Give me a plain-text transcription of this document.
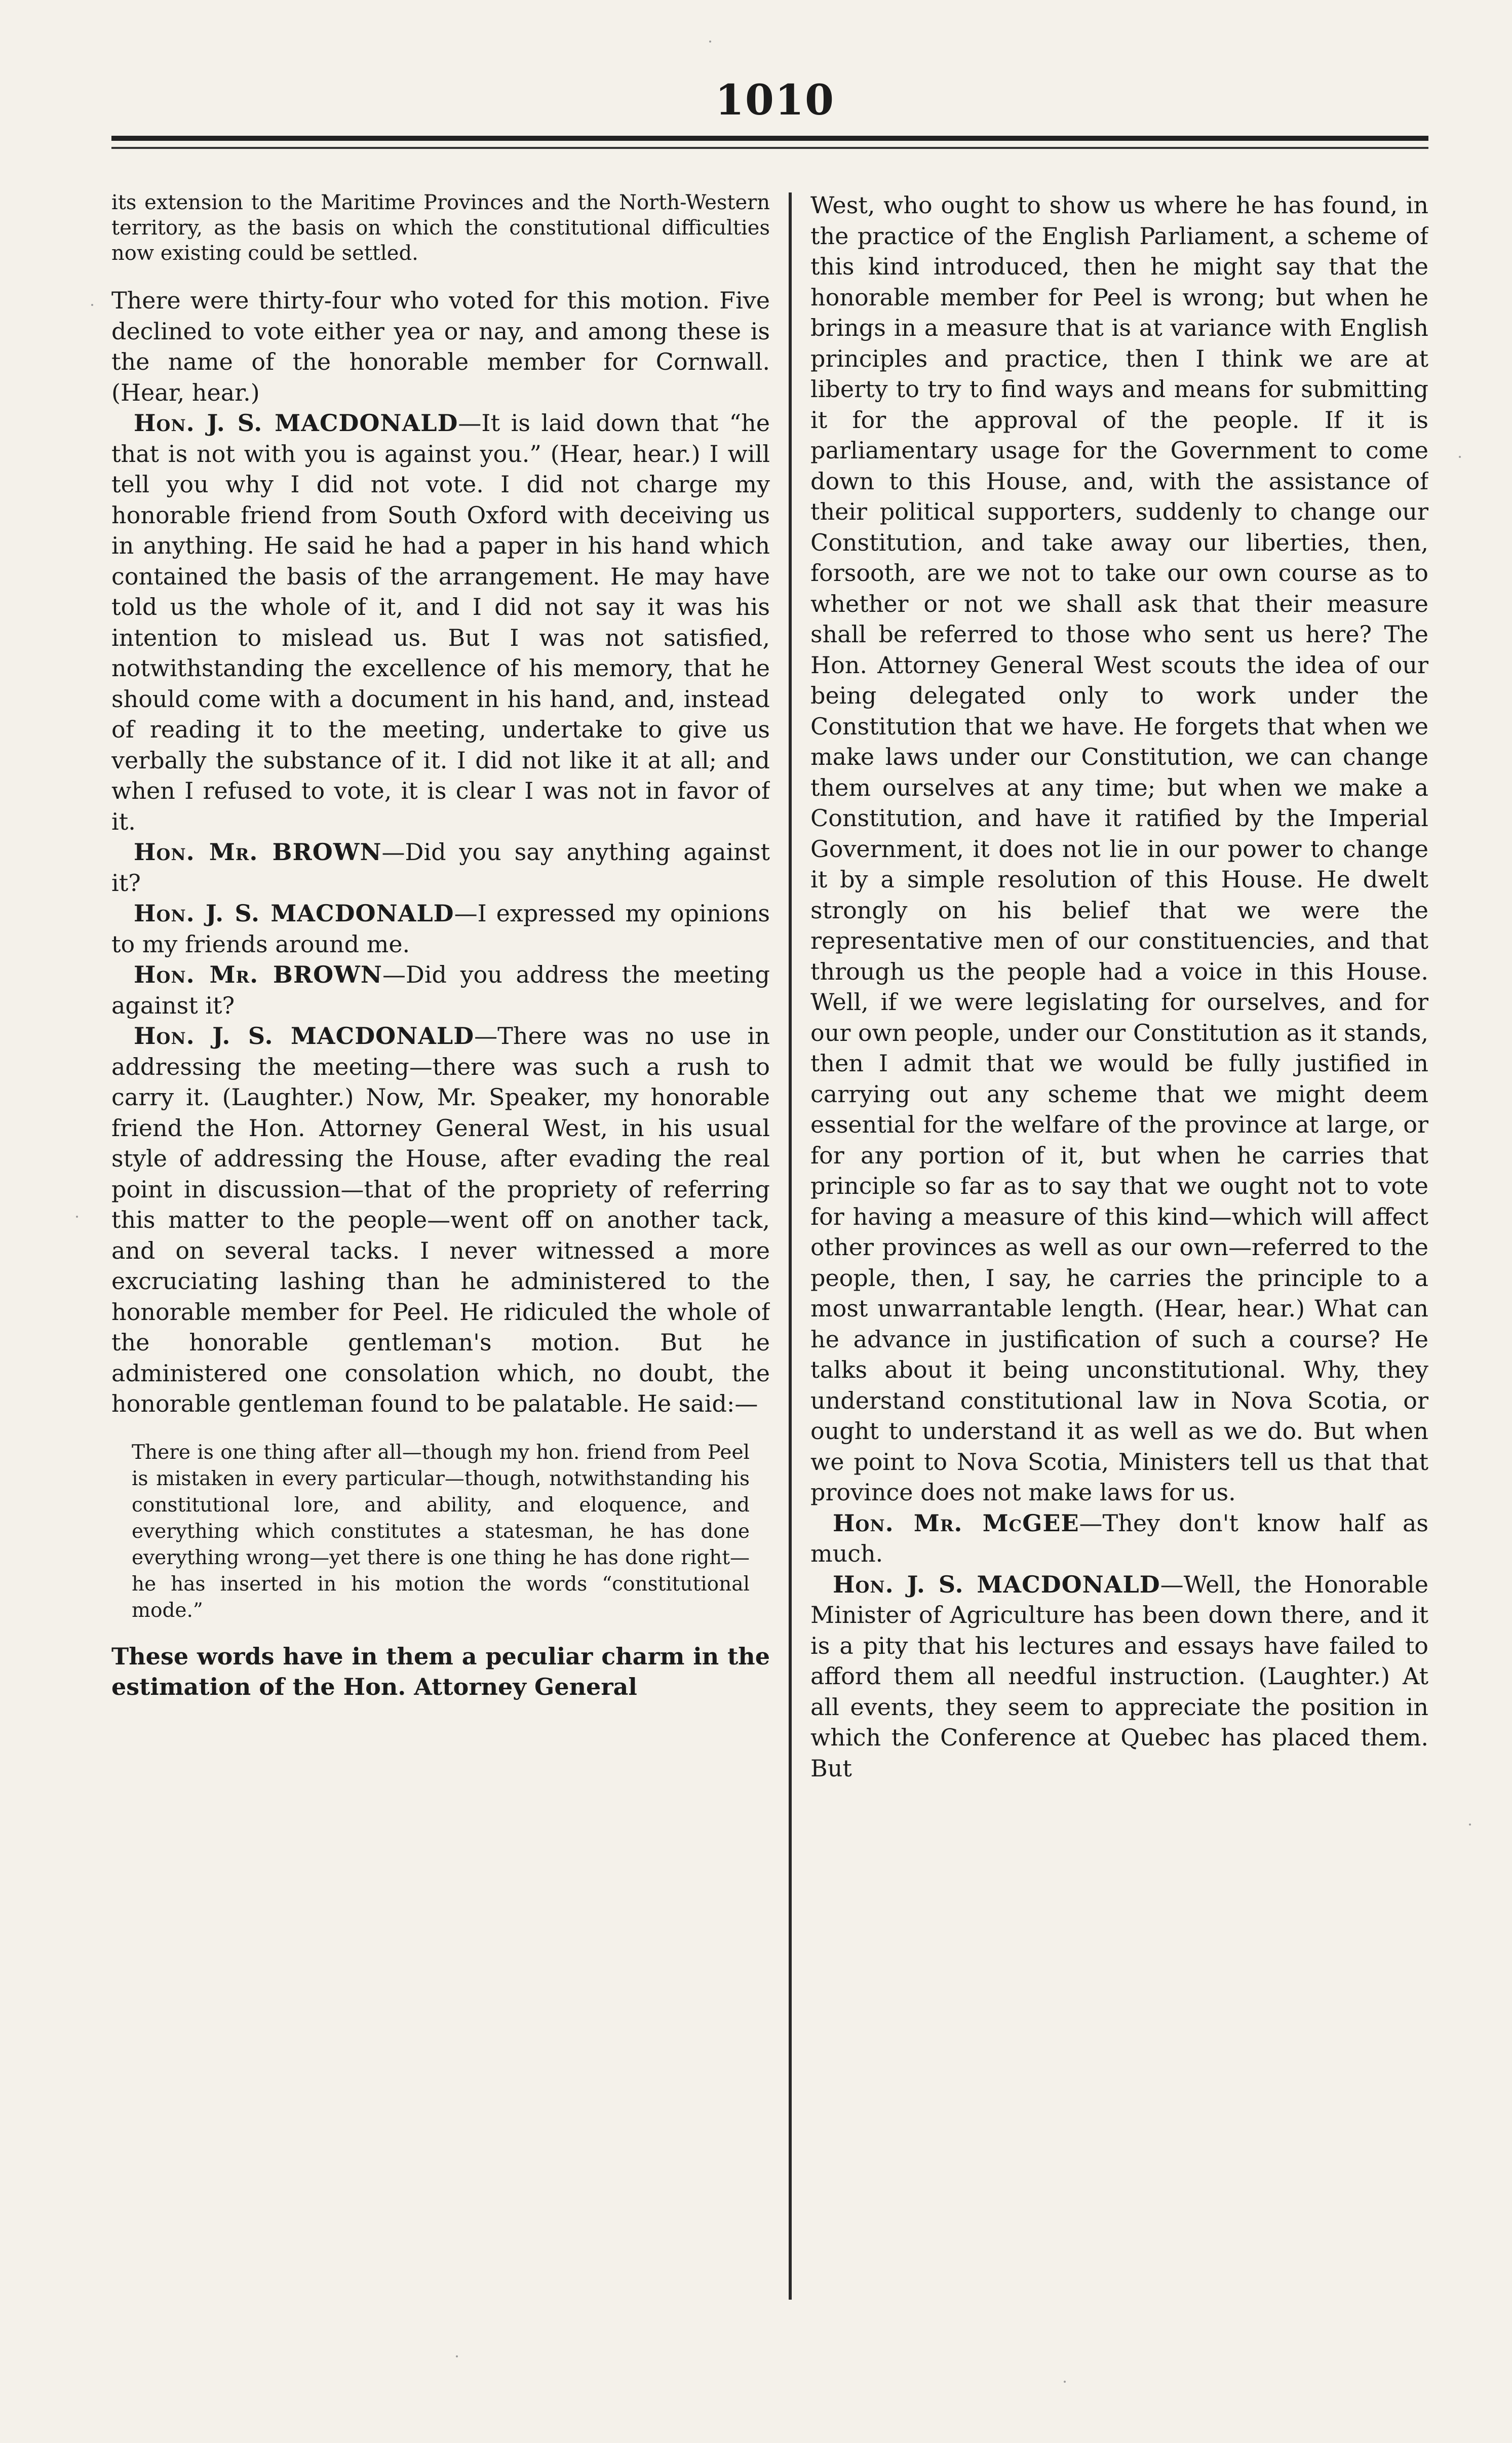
1010

its extension to the Maritime Provinces and the North-Western territory, as the basis on which the constitutional difficulties now existing could be settled.

There were thirty-four who voted for this motion. Five declined to vote either yea or nay, and among these is the name of the honorable member for Cornwall. (Hear, hear.)

Hon. J. S. MACDONALD—It is laid down that “he that is not with you is against you.” (Hear, hear.) I will tell you why I did not vote. I did not charge my honorable friend from South Oxford with deceiving us in anything. He said he had a paper in his hand which contained the basis of the arrangement. He may have told us the whole of it, and I did not say it was his intention to mislead us. But I was not satisfied, notwithstanding the excellence of his memory, that he should come with a document in his hand, and, instead of reading it to the meeting, undertake to give us verbally the substance of it. I did not like it at all; and when I refused to vote, it is clear I was not in favor of it.

Hon. Mr. BROWN—Did you say anything against it?

Hon. J. S. MACDONALD—I expressed my opinions to my friends around me.

Hon. Mr. BROWN—Did you address the meeting against it?

Hon. J. S. MACDONALD—There was no use in addressing the meeting—there was such a rush to carry it. (Laughter.) Now, Mr. Speaker, my honorable friend the Hon. Attorney General West, in his usual style of addressing the House, after evading the real point in discussion—that of the propriety of referring this matter to the people—went off on another tack, and on several tacks. I never witnessed a more excruciating lashing than he administered to the honorable member for Peel. He ridiculed the whole of the honorable gentleman's motion. But he administered one consolation which, no doubt, the honorable gentleman found to be palatable. He said:—

There is one thing after all—though my hon. friend from Peel is mistaken in every particular—though, notwithstanding his constitutional lore, and ability, and eloquence, and everything which constitutes a statesman, he has done everything wrong—yet there is one thing he has done right—he has inserted in his motion the words “constitutional mode.”

These words have in them a peculiar charm in the estimation of the Hon. Attorney General

West, who ought to show us where he has found, in the practice of the English Parliament, a scheme of this kind introduced, then he might say that the honorable member for Peel is wrong; but when he brings in a measure that is at variance with English principles and practice, then I think we are at liberty to try to find ways and means for submitting it for the approval of the people. If it is parliamentary usage for the Government to come down to this House, and, with the assistance of their political supporters, suddenly to change our Constitution, and take away our liberties, then, forsooth, are we not to take our own course as to whether or not we shall ask that their measure shall be referred to those who sent us here? The Hon. Attorney General West scouts the idea of our being delegated only to work under the Constitution that we have. He forgets that when we make laws under our Constitution, we can change them ourselves at any time; but when we make a Constitution, and have it ratified by the Imperial Government, it does not lie in our power to change it by a simple resolution of this House. He dwelt strongly on his belief that we were the representative men of our constituencies, and that through us the people had a voice in this House. Well, if we were legislating for ourselves, and for our own people, under our Constitution as it stands, then I admit that we would be fully justified in carrying out any scheme that we might deem essential for the welfare of the province at large, or for any portion of it, but when he carries that principle so far as to say that we ought not to vote for having a measure of this kind—which will affect other provinces as well as our own—referred to the people, then, I say, he carries the principle to a most unwarrantable length. (Hear, hear.) What can he advance in justification of such a course? He talks about it being unconstitutional. Why, they understand constitutional law in Nova Scotia, or ought to understand it as well as we do. But when we point to Nova Scotia, Ministers tell us that that province does not make laws for us.

Hon. Mr. McGEE—They don't know half as much.

Hon. J. S. MACDONALD—Well, the Honorable Minister of Agriculture has been down there, and it is a pity that his lectures and essays have failed to afford them all needful instruction. (Laughter.) At all events, they seem to appreciate the position in which the Conference at Quebec has placed them. But
